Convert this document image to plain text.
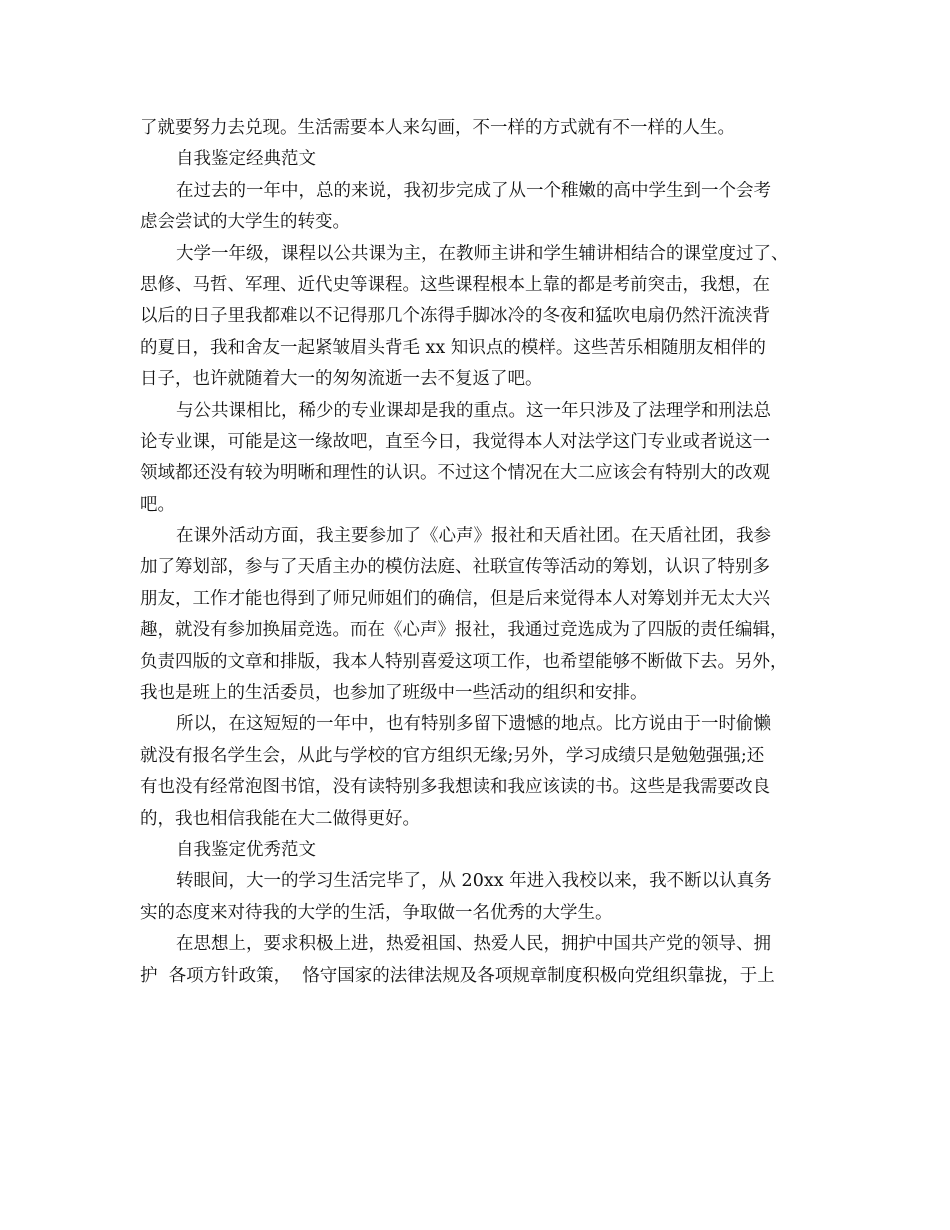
了就要努力去兑现。生活需要本人来勾画，不一样的方式就有不一样的人生。
自我鉴定经典范文
在过去的一年中，总的来说，我初步完成了从一个稚嫩的高中学生到一个会考
虑会尝试的大学生的转变。
大学一年级，课程以公共课为主，在教师主讲和学生辅讲相结合的课堂度过了、
思修、马哲、军理、近代史等课程。这些课程根本上靠的都是考前突击，我想，在
以后的日子里我都难以不记得那几个冻得手脚冰冷的冬夜和猛吹电扇仍然汗流浃背
的夏日，我和舍友一起紧皱眉头背毛 xx 知识点的模样。这些苦乐相随朋友相伴的
日子，也许就随着大一的匆匆流逝一去不复返了吧。
与公共课相比，稀少的专业课却是我的重点。这一年只涉及了法理学和刑法总
论专业课，可能是这一缘故吧，直至今日，我觉得本人对法学这门专业或者说这一
领域都还没有较为明晰和理性的认识。不过这个情况在大二应该会有特别大的改观
吧。
在课外活动方面，我主要参加了《心声》报社和天盾社团。在天盾社团，我参
加了筹划部，参与了天盾主办的模仿法庭、社联宣传等活动的筹划，认识了特别多
朋友，工作才能也得到了师兄师姐们的确信，但是后来觉得本人对筹划并无太大兴
趣，就没有参加换届竞选。而在《心声》报社，我通过竞选成为了四版的责任编辑，
负责四版的文章和排版，我本人特别喜爱这项工作，也希望能够不断做下去。另外，
我也是班上的生活委员，也参加了班级中一些活动的组织和安排。
所以，在这短短的一年中，也有特别多留下遗憾的地点。比方说由于一时偷懒
就没有报名学生会，从此与学校的官方组织无缘;另外，学习成绩只是勉勉强强;还
有也没有经常泡图书馆，没有读特别多我想读和我应该读的书。这些是我需要改良
的，我也相信我能在大二做得更好。
自我鉴定优秀范文
转眼间，大一的学习生活完毕了，从 20xx 年进入我校以来，我不断以认真务
实的态度来对待我的大学的生活，争取做一名优秀的大学生。
在思想上，要求积极上进，热爱祖国、热爱人民，拥护中国共产党的领导、拥
护  各项方针政策，  恪守国家的法律法规及各项规章制度积极向党组织靠拢，于上
